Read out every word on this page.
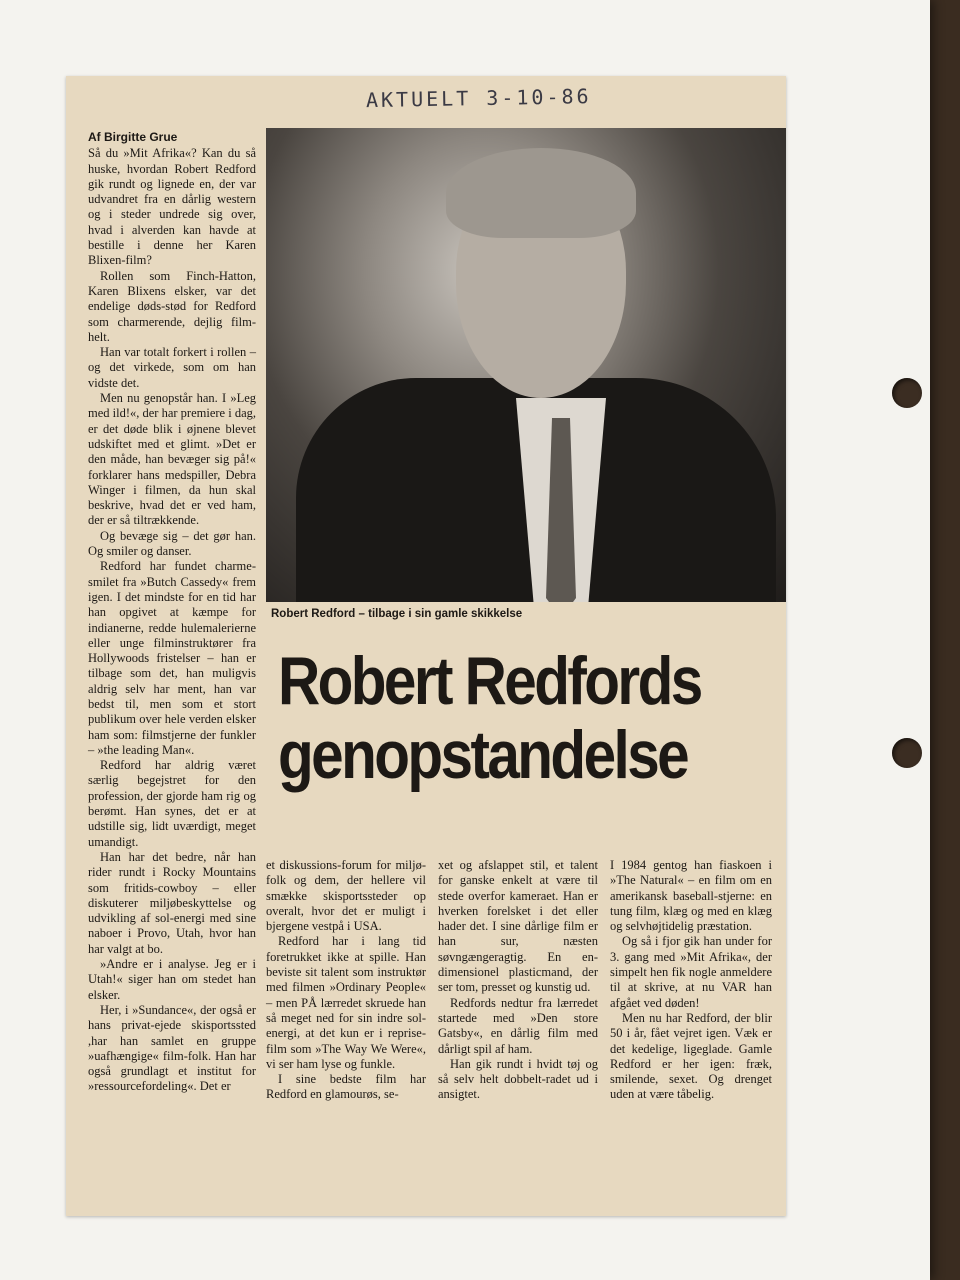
AKTUELT 3-10-86
Af Birgitte Grue

Så du »Mit Afrika«? Kan du så huske, hvordan Robert Redford gik rundt og lignede en, der var udvandret fra en dårlig western og i steder undrede sig over, hvad i alverden kan havde at bestille i denne her Karen Blixen-film?

Rollen som Finch-Hatton, Karen Blixens elsker, var det endelige døds-stød for Redford som charmerende, dejlig film-helt.

Han var totalt forkert i rollen – og det virkede, som om han vidste det.

Men nu genopstår han. I »Leg med ild!«, der har premiere i dag, er det døde blik i øjnene blevet udskiftet med et glimt. »Det er den måde, han bevæger sig på!« forklarer hans medspiller, Debra Winger i filmen, da hun skal beskrive, hvad det er ved ham, der er så tiltrækkende.

Og bevæge sig – det gør han. Og smiler og danser.

Redford har fundet charme-smilet fra »Butch Cassedy« frem igen. I det mindste for en tid har han opgivet at kæmpe for indianerne, redde hulemalerierne eller unge filminstruktører fra Hollywoods fristelser – han er tilbage som det, han muligvis aldrig selv har ment, han var bedst til, men som et stort publikum over hele verden elsker ham som: filmstjerne der funkler – »the leading Man«.

Redford har aldrig været særlig begejstret for den profession, der gjorde ham rig og berømt. Han synes, det er at udstille sig, lidt uværdigt, meget umandigt.

Han har det bedre, når han rider rundt i Rocky Mountains som fritids-cowboy – eller diskuterer miljøbeskyttelse og udvikling af sol-energi med sine naboer i Provo, Utah, hvor han har valgt at bo.

»Andre er i analyse. Jeg er i Utah!« siger han om stedet han elsker.

Her, i »Sundance«, der også er hans privat-ejede skisportssted ,har han samlet en gruppe »uafhængige« film-folk. Han har også grundlagt et institut for »ressourcefordeling«. Det er

Robert Redford – tilbage i sin gamle skikkelse
Robert Redfords
genopstandelse

et diskussions-forum for miljø-folk og dem, der hellere vil smække skisportssteder op overalt, hvor det er muligt i bjergene vestpå i USA.

Redford har i lang tid foretrukket ikke at spille. Han beviste sit talent som instruktør med filmen »Ordinary People« – men PÅ lærredet skruede han så meget ned for sin indre sol-energi, at det kun er i reprise-film som »The Way We Were«, vi ser ham lyse og funkle.

I sine bedste film har Redford en glamourøs, se-

xet og afslappet stil, et talent for ganske enkelt at være til stede overfor kameraet. Han er hverken forelsket i det eller hader det. I sine dårlige film er han sur, næsten søvngængeragtig. En en-dimensionel plasticmand, der ser tom, presset og kunstig ud.

Redfords nedtur fra lærredet startede med »Den store Gatsby«, en dårlig film med dårligt spil af ham.

Han gik rundt i hvidt tøj og så selv helt dobbelt-radet ud i ansigtet.

I 1984 gentog han fiaskoen i »The Natural« – en film om en amerikansk baseball-stjerne: en tung film, klæg og med en klæg og selvhøjtidelig præstation.

Og så i fjor gik han under for 3. gang med »Mit Afrika«, der simpelt hen fik nogle anmeldere til at skrive, at nu VAR han afgået ved døden!

Men nu har Redford, der blir 50 i år, fået vejret igen. Væk er det kedelige, ligeglade. Gamle Redford er her igen: fræk, smilende, sexet. Og drenget uden at være tåbelig.
